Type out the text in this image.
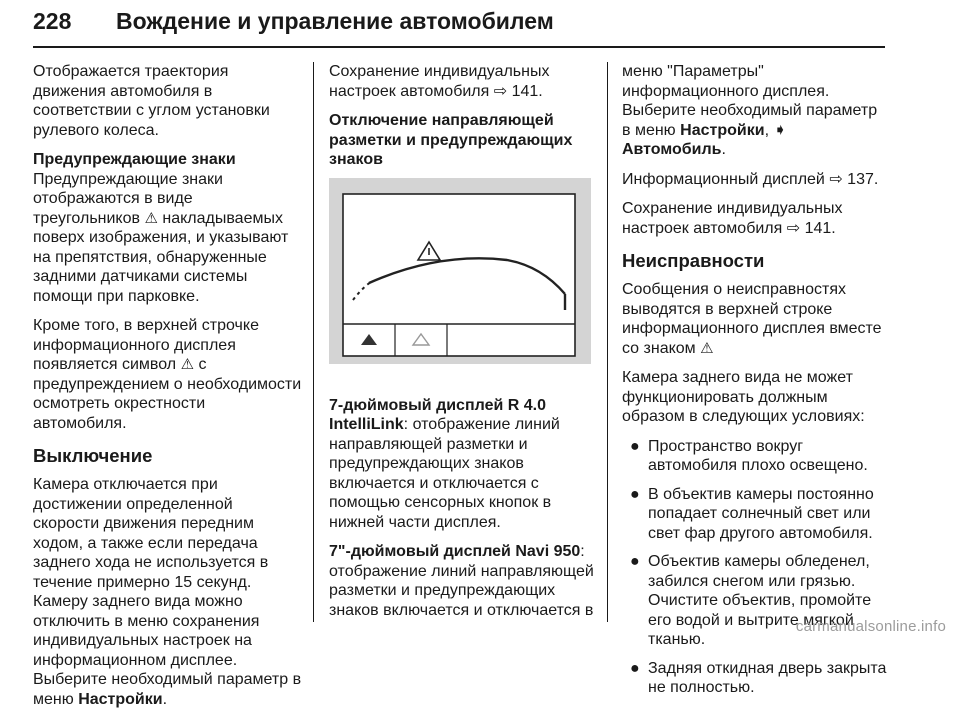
228 Вождение и управление автомобилем

Отображается траектория движения автомобиля в соответствии с углом установки рулевого колеса.

Предупреждающие знаки

Предупреждающие знаки отображаются в виде треугольников ⚠ накладываемых поверх изображения, и указывают на препятствия, обнаруженные задними датчиками системы помощи при парковке.

Кроме того, в верхней строчке информационного дисплея появляется символ ⚠ с предупреждением о необходимости осмотреть окрестности автомобиля.

Выключение

Камера отключается при достижении определенной скорости движения передним ходом, а также если передача заднего хода не используется в течение примерно 15 секунд. Камеру заднего вида можно отключить в меню сохранения индивидуальных настроек на информационном дисплее. Выберите необходимый параметр в меню Настройки.

Сохранение индивидуальных настроек автомобиля ⇨ 141.

Отключение направляющей разметки и предупреждающих знаков

7-дюймовый дисплей R 4.0 IntelliLink: отображение линий направляющей разметки и предупреждающих знаков включается и отключается с помощью сенсорных кнопок в нижней части дисплея.

7"-дюймовый дисплей Navi 950: отображение линий направляющей разметки и предупреждающих знаков включается и отключается в

меню "Параметры" информационного дисплея. Выберите необходимый параметр в меню Настройки, ➧ Автомобиль.

Информационный дисплей ⇨ 137.

Сохранение индивидуальных настроек автомобиля ⇨ 141.

Неисправности

Сообщения о неисправностях выводятся в верхней строке информационного дисплея вместе со знаком ⚠

Камера заднего вида не может функционировать должным образом в следующих условиях:

● Пространство вокруг автомобиля плохо освещено.
● В объектив камеры постоянно попадает солнечный свет или свет фар другого автомобиля.
● Объектив камеры обледенел, забился снегом или грязью. Очистите объектив, промойте его водой и вытрите мягкой тканью.
● Задняя откидная дверь закрыта не полностью.
carmanualsonline.info
